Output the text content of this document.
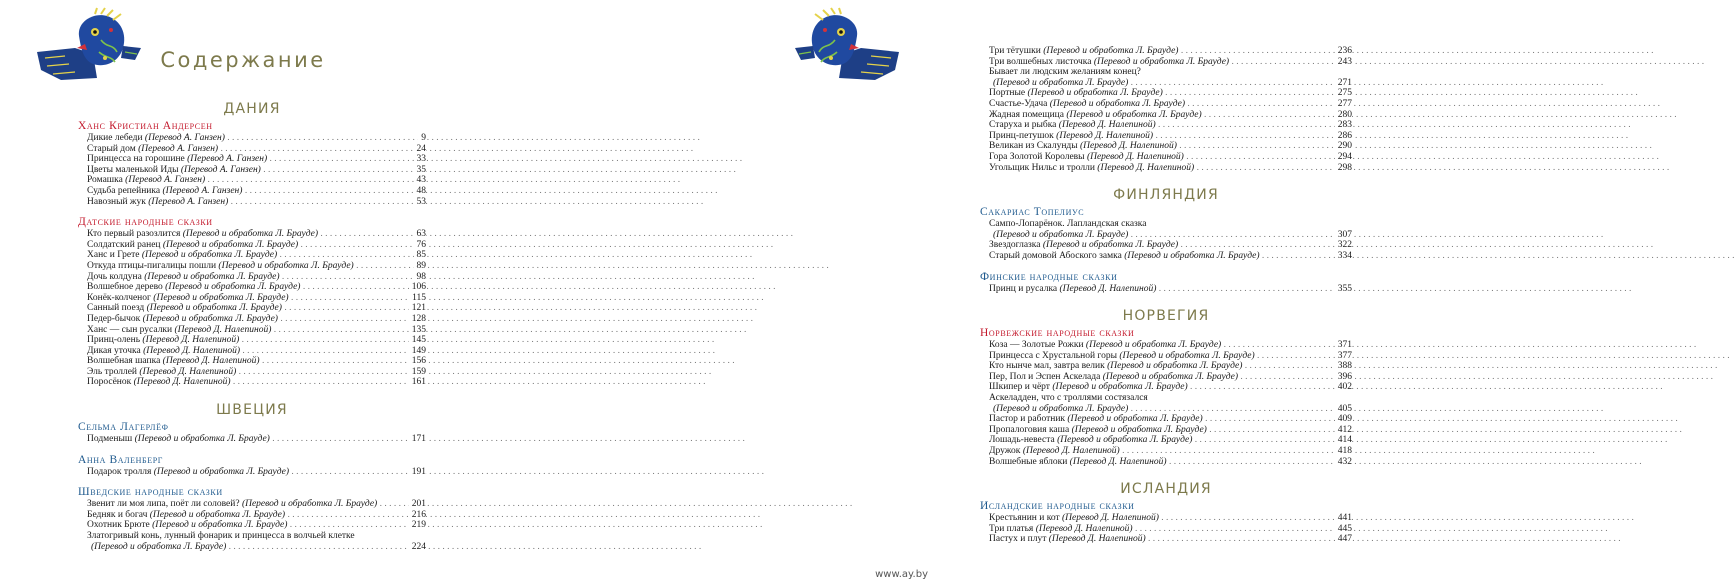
Содержание
ДАНИЯ
Ханс Кристиан Андерсен
Дикие лебеди (Перевод А. Ганзен) . . .	9
Старый дом (Перевод А. Ганзен) . . .	24
Принцесса на горошине (Перевод А. Ганзен) . . .	33
Цветы маленькой Иды (Перевод А. Ганзен) . . .	35
Ромашка (Перевод А. Ганзен) . . .	43
Судьба репейника (Перевод А. Ганзен) . . .	48
Навозный жук (Перевод А. Ганзен) . . .	53
Датские народные сказки
Кто первый разозлится (Перевод и обработка Л. Брауде) . . .	63
Солдатский ранец (Перевод и обработка Л. Брауде) . . .	76
Ханс и Грете (Перевод и обработка Л. Брауде) . . .	85
Откуда птицы-пигалицы пошли (Перевод и обработка Л. Брауде) . . .	89
Дочь колдуна (Перевод и обработка Л. Брауде) . . .	98
Волшебное дерево (Перевод и обработка Л. Брауде) . . .	106
Конёк-колченог (Перевод и обработка Л. Брауде) . . .	115
Санный поезд (Перевод и обработка Л. Брауде) . . .	121
Педер-бычок (Перевод и обработка Л. Брауде) . . .	128
Ханс — сын русалки (Перевод Д. Налепиной) . . .	135
Принц-олень (Перевод Д. Налепиной) . . .	145
Дикая уточка (Перевод Д. Налепиной) . . .	149
Волшебная шапка (Перевод Д. Налепиной) . . .	156
Эль троллей (Перевод Д. Налепиной) . . .	159
Поросёнок (Перевод Д. Налепиной) . . .	161
ШВЕЦИЯ
Сельма Лагерлёф
Подменыш (Перевод и обработка Л. Брауде) . . .	171
Анна Валенберг
Подарок тролля (Перевод и обработка Л. Брауде) . . .	191
Шведские народные сказки
Звенит ли моя липа, поёт ли соловей? (Перевод и обработка Л. Брауде) . . .	201
Бедняк и богач (Перевод и обработка Л. Брауде) . . .	216
Охотник Брюте (Перевод и обработка Л. Брауде) . . .	219
Златогривый конь, лунный фонарик и принцесса в волчьей клетке
(Перевод и обработка Л. Брауде) . . .	224
Три тётушки (Перевод и обработка Л. Брауде) . . .	236
Три волшебных листочка (Перевод и обработка Л. Брауде) . . .	243
Бывает ли людским желаниям конец?
(Перевод и обработка Л. Брауде) . . .	271
Портные (Перевод и обработка Л. Брауде) . . .	275
Счастье-Удача (Перевод и обработка Л. Брауде) . . .	277
Жадная помещица (Перевод и обработка Л. Брауде) . . .	280
Старуха и рыбка (Перевод Д. Налепиной) . . .	283
Принц-петушок (Перевод Д. Налепиной) . . .	286
Великан из Скалунды (Перевод Д. Налепиной) . . .	290
Гора Золотой Королевы (Перевод Д. Налепиной) . . .	294
Угольщик Нильс и тролли (Перевод Д. Налепиной) . . .	298
ФИНЛЯНДИЯ
Сакариас Топелиус
Сампо-Лопарёнок. Лапландская сказка
(Перевод и обработка Л. Брауде) . . .	307
Звездоглазка (Перевод и обработка Л. Брауде) . . .	322
Старый домовой Абоского замка (Перевод и обработка Л. Брауде) . . .	334
Финские народные сказки
Принц и русалка (Перевод Д. Налепиной) . . .	355
НОРВЕГИЯ
Норвежские народные сказки
Коза — Золотые Рожки (Перевод и обработка Л. Брауде) . . .	371
Принцесса с Хрустальной горы (Перевод и обработка Л. Брауде) . . .	377
Кто нынче мал, завтра велик (Перевод и обработка Л. Брауде) . . .	388
Пер, Пол и Эспен Аскелада (Перевод и обработка Л. Брауде) . . .	396
Шкипер и чёрт (Перевод и обработка Л. Брауде) . . .	402
Аскеладден, что с троллями состязался
(Перевод и обработка Л. Брауде) . . .	405
Пастор и работник (Перевод и обработка Л. Брауде) . . .	409
Пропалоговия каша (Перевод и обработка Л. Брауде) . . .	412
Лошадь-невеста (Перевод и обработка Л. Брауде) . . .	414
Дружок (Перевод Д. Налепиной) . . .	418
Волшебные яблоки (Перевод Д. Налепиной) . . .	432
ИСЛАНДИЯ
Исландские народные сказки
Крестьянин и кот (Перевод Д. Налепиной) . . .	441
Три платья (Перевод Д. Налепиной) . . .	445
Пастух и плут (Перевод Д. Налепиной) . . .	447
www.ay.by
